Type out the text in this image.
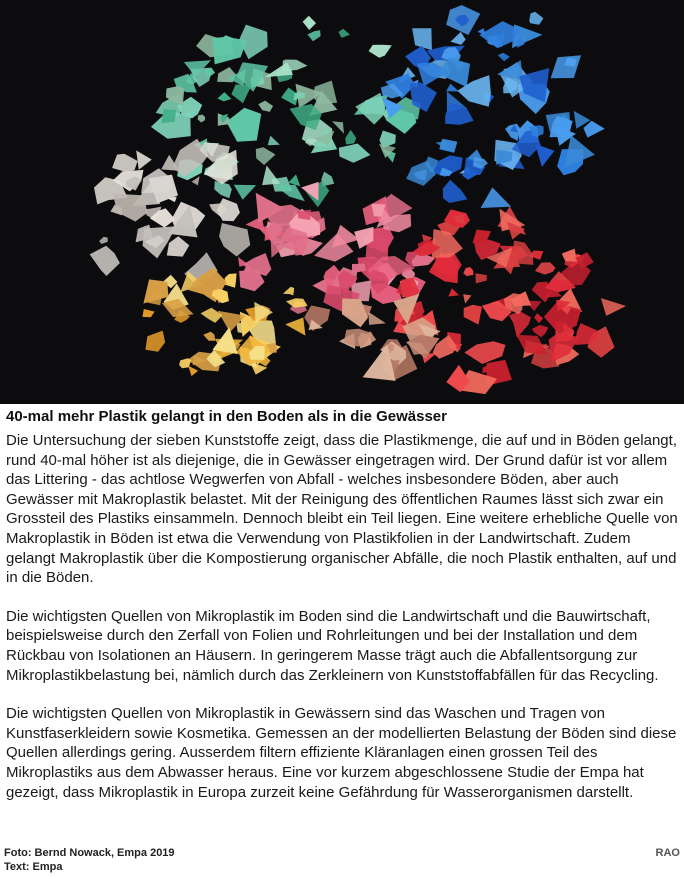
40-mal mehr Plastik gelangt in den Boden als in die Gewässer

Die Untersuchung der sieben Kunststoffe zeigt, dass die Plastikmenge, die auf und in Böden gelangt, rund 40-mal höher ist als diejenige, die in Gewässer eingetragen wird. Der Grund dafür ist vor allem das Littering - das achtlose Wegwerfen von Abfall - welches insbesondere Böden, aber auch Gewässer mit Makroplastik belastet. Mit der Reinigung des öffentlichen Raumes lässt sich zwar ein Grossteil des Plastiks einsammeln. Dennoch bleibt ein Teil liegen. Eine weitere erhebliche Quelle von Makroplastik in Böden ist etwa die Verwendung von Plastikfolien in der Landwirtschaft. Zudem gelangt Makroplastik über die Kompostierung organischer Abfälle, die noch Plastik enthalten, auf und in die Böden.

Die wichtigsten Quellen von Mikroplastik im Boden sind die Landwirtschaft und die Bauwirtschaft, beispielsweise durch den Zerfall von Folien und Rohrleitungen und bei der Installation und dem Rückbau von Isolationen an Häusern. In geringerem Masse trägt auch die Abfallentsorgung zur Mikroplastikbelastung bei, nämlich durch das Zerkleinern von Kunststoffabfällen für das Recycling.

Die wichtigsten Quellen von Mikroplastik in Gewässern sind das Waschen und Tragen von Kunstfaserkleidern sowie Kosmetika. Gemessen an der modellierten Belastung der Böden sind diese Quellen allerdings gering. Ausserdem filtern effiziente Kläranlagen einen grossen Teil des Mikroplastiks aus dem Abwasser heraus. Eine vor kurzem abgeschlossene Studie der Empa hat gezeigt, dass Mikroplastik in Europa zurzeit keine Gefährdung für Wasserorganismen darstellt.

Foto: Bernd Nowack, Empa 2019
Text: Empa
RAO
